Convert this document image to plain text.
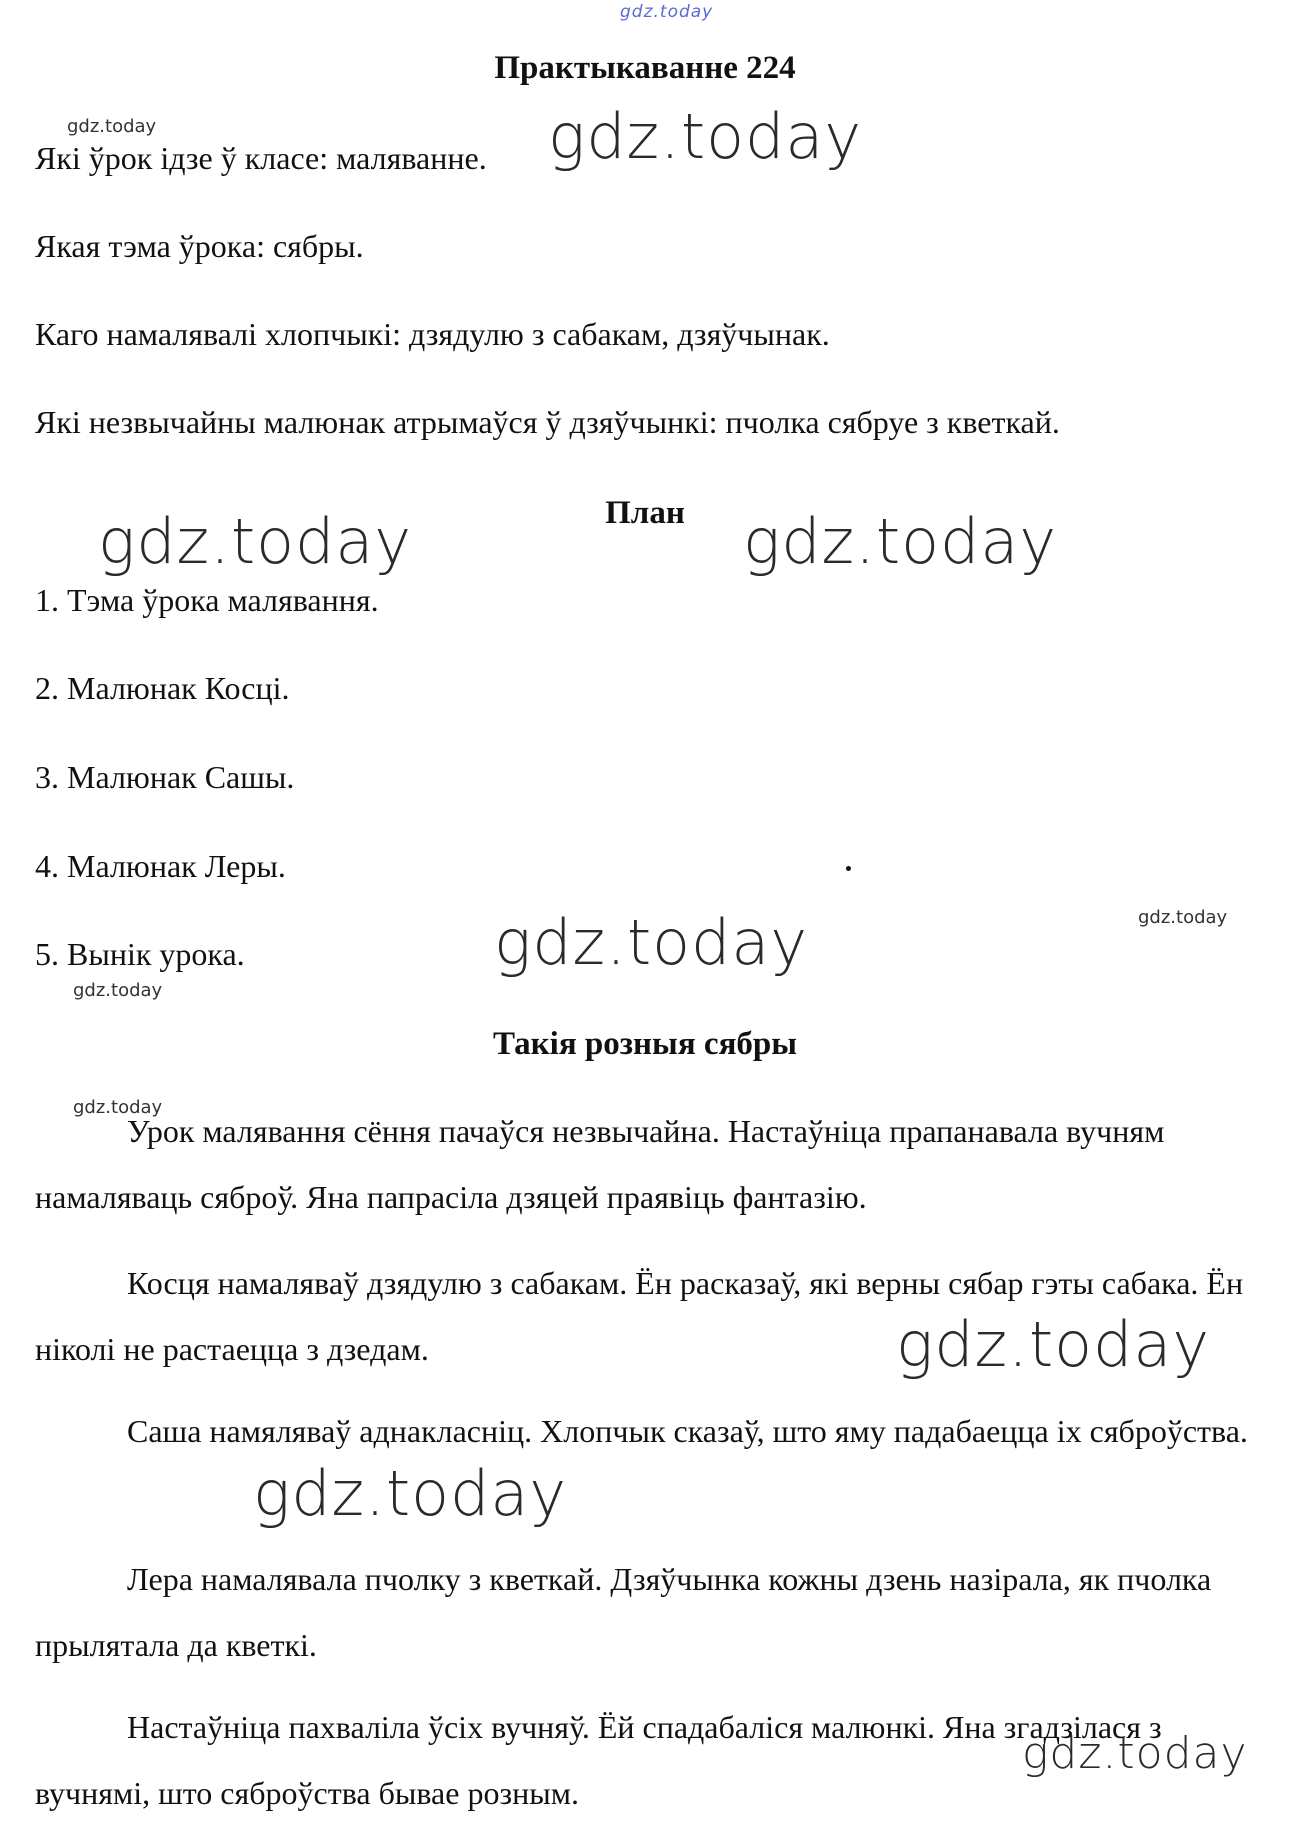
Практыкаванне 224
Які ўрок ідзе ў класе: маляванне.
Якая тэма ўрока: сябры.
Каго намалявалі хлопчыкі: дзядулю з сабакам, дзяўчынак.
Які незвычайны малюнак атрымаўся ў дзяўчынкі: пчолка сябруе з кветкай.
План
1. Тэма ўрока малявання.
2. Малюнак Косці.
3. Малюнак Сашы.
4. Малюнак Леры.
5. Вынік урока.
Такія розныя сябры
Урок малявання сёння пачаўся незвычайна. Настаўніца прапанавала вучням намаляваць сяброў. Яна папрасіла дзяцей праявіць фантазію.
Косця намаляваў дзядулю з сабакам. Ён расказаў, які верны сябар гэты сабака. Ён ніколі не растаецца з дзедам.
Саша намяляваў аднакласніц. Хлопчык сказаў, што яму падабаецца іх сяброўства.
Лера намалявала пчолку з кветкай. Дзяўчынка кожны дзень назірала, як пчолка прылятала да кветкі.
Настаўніца пахваліла ўсіх вучняў. Ёй спадабаліся малюнкі. Яна згадзілася з вучнямі, што сяброўства бывае розным.
gdz.today
gdz.today	gdz.today
gdz.today	gdz.today
gdz.today
gdz.today
gdz.today
gdz.today
gdz.today
gdz.today
gdz.today
